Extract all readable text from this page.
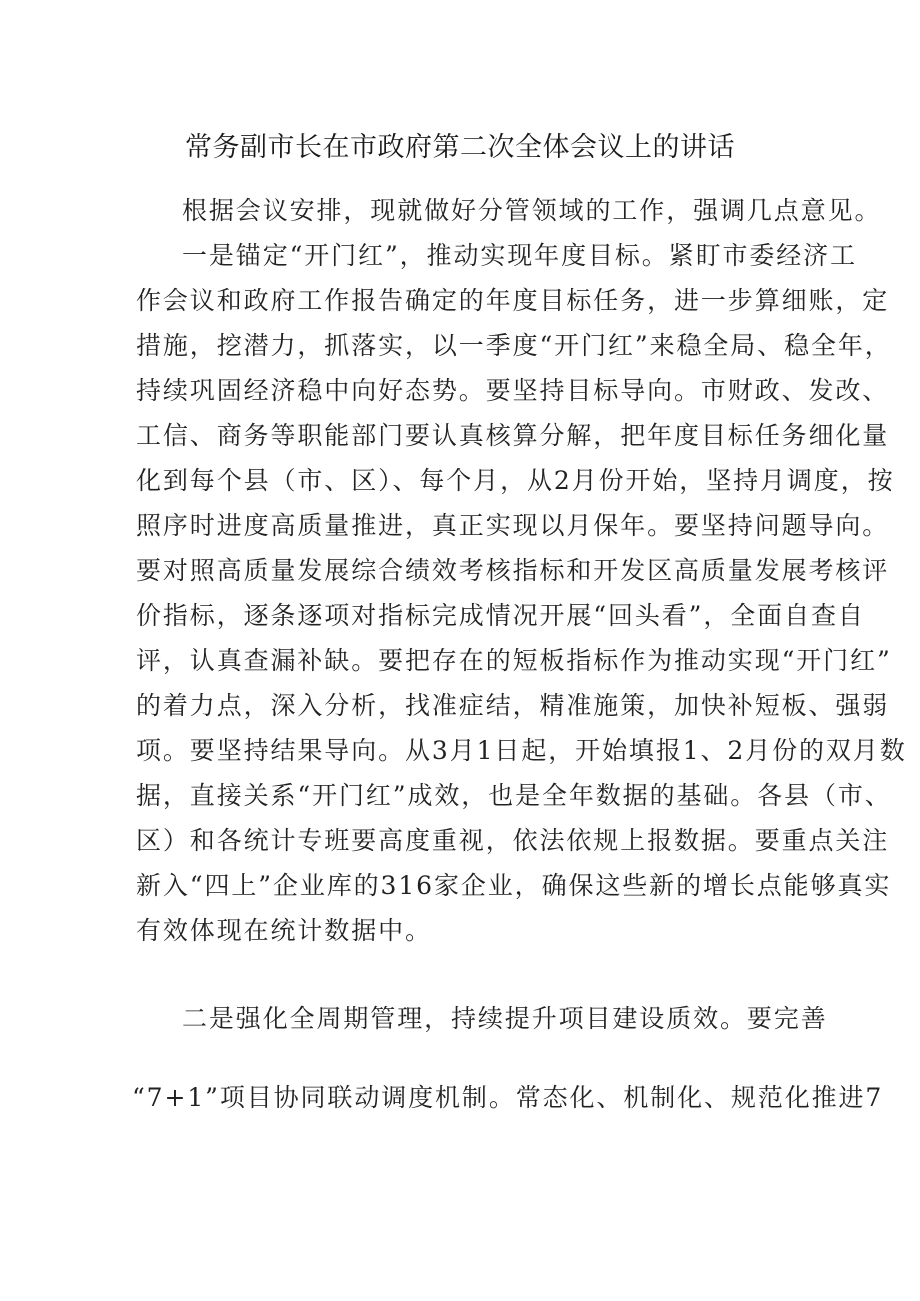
常务副市长在市政府第二次全体会议上的讲话
根据会议安排，现就做好分管领域的工作，强调几点意见。
一是锚定“开门红”，推动实现年度目标。紧盯市委经济工
作会议和政府工作报告确定的年度目标任务，进一步算细账，定
措施，挖潜力，抓落实，以一季度“开门红”来稳全局、稳全年，
持续巩固经济稳中向好态势。要坚持目标导向。市财政、发改、
工信、商务等职能部门要认真核算分解，把年度目标任务细化量
化到每个县（市、区）、每个月，从2月份开始，坚持月调度，按
照序时进度高质量推进，真正实现以月保年。要坚持问题导向。
要对照高质量发展综合绩效考核指标和开发区高质量发展考核评
价指标，逐条逐项对指标完成情况开展“回头看”，全面自查自
评，认真查漏补缺。要把存在的短板指标作为推动实现“开门红”
的着力点，深入分析，找准症结，精准施策，加快补短板、强弱
项。要坚持结果导向。从3月1日起，开始填报1、2月份的双月数
据，直接关系“开门红”成效，也是全年数据的基础。各县（市、
区）和各统计专班要高度重视，依法依规上报数据。要重点关注
新入“四上”企业库的316家企业，确保这些新的增长点能够真实
有效体现在统计数据中。
二是强化全周期管理，持续提升项目建设质效。要完善
“7+1”项目协同联动调度机制。常态化、机制化、规范化推进7
